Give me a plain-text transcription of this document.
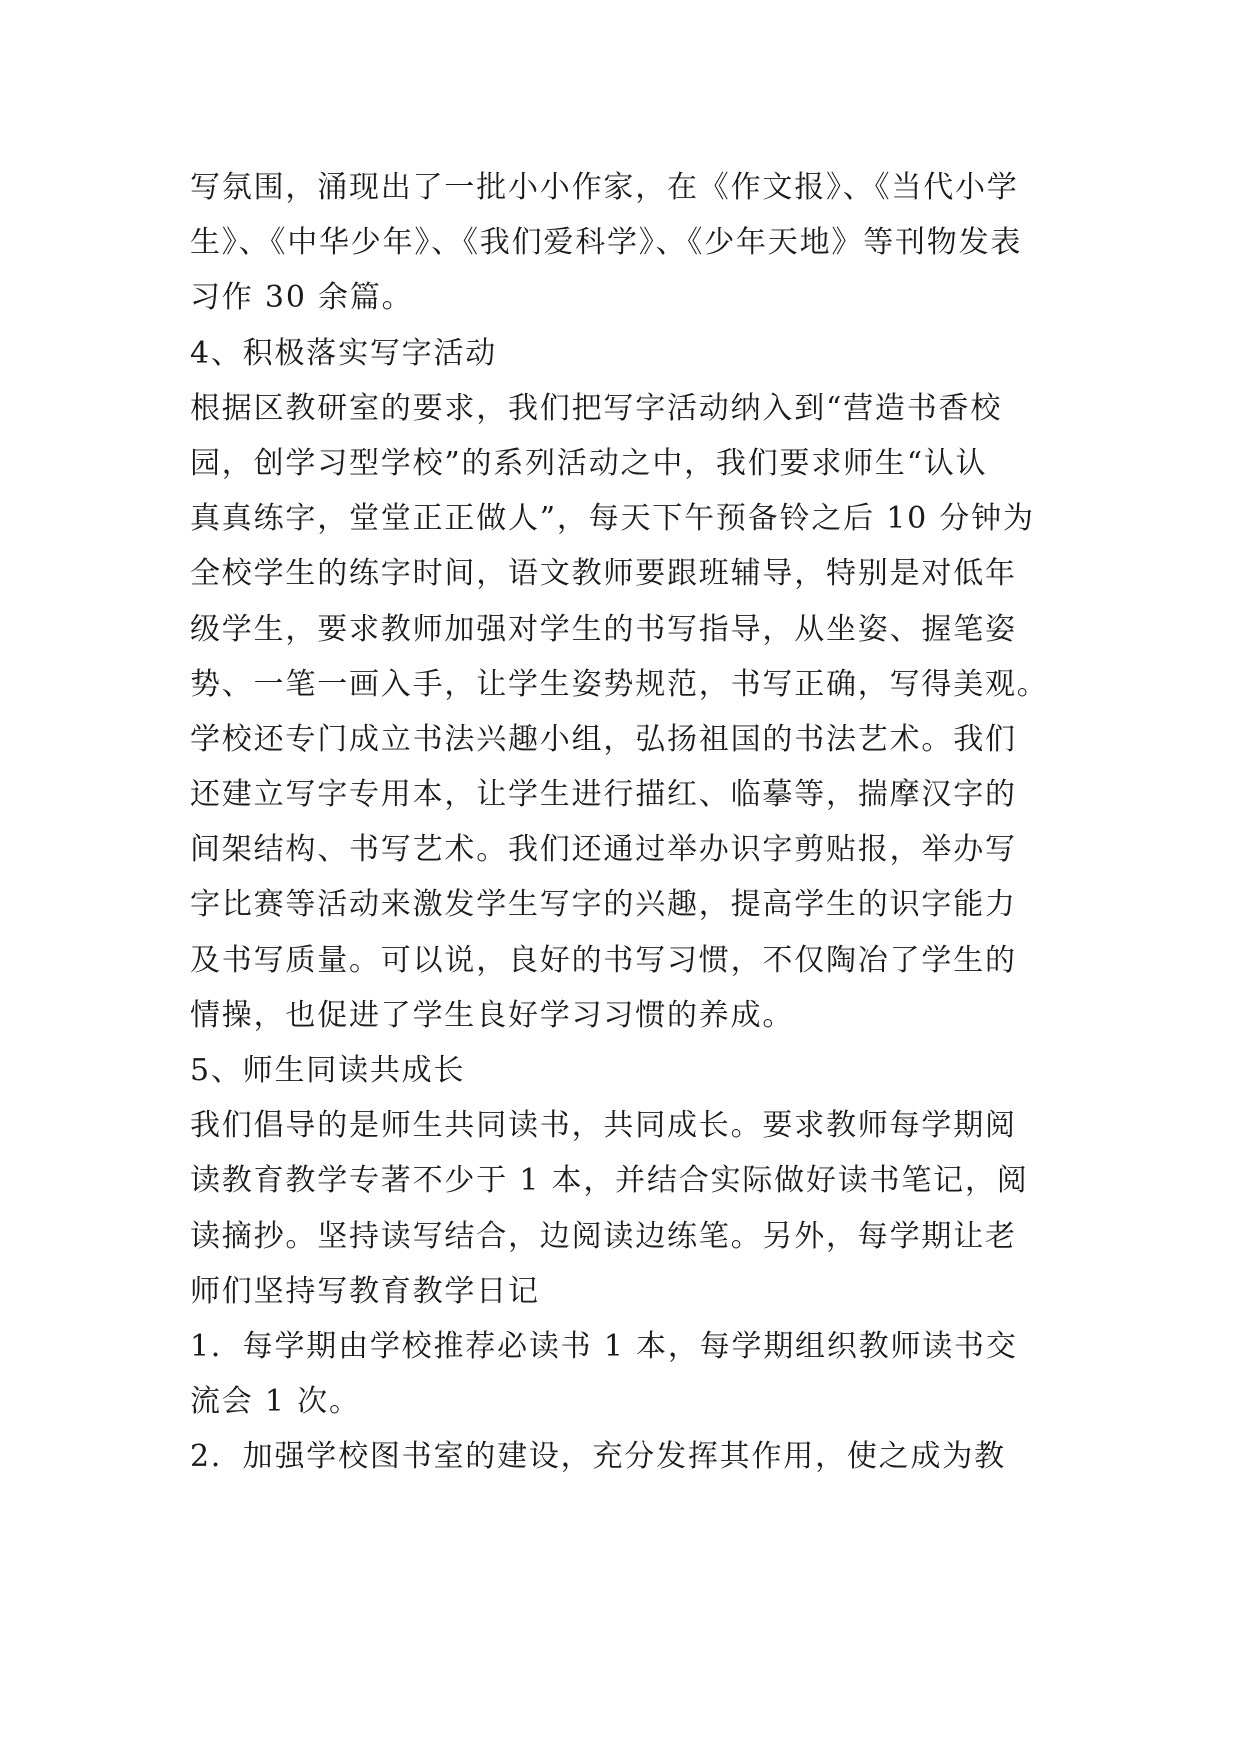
写氛围，涌现出了一批小小作家，在《作文报》、《当代小学
生》、《中华少年》、《我们爱科学》、《少年天地》等刊物发表
习作 30 余篇。
4、积极落实写字活动
根据区教研室的要求，我们把写字活动纳入到“营造书香校
园，创学习型学校”的系列活动之中，我们要求师生“认认
真真练字，堂堂正正做人”，每天下午预备铃之后 10 分钟为
全校学生的练字时间，语文教师要跟班辅导，特别是对低年
级学生，要求教师加强对学生的书写指导，从坐姿、握笔姿
势、一笔一画入手，让学生姿势规范，书写正确，写得美观。
学校还专门成立书法兴趣小组，弘扬祖国的书法艺术。我们
还建立写字专用本，让学生进行描红、临摹等，揣摩汉字的
间架结构、书写艺术。我们还通过举办识字剪贴报，举办写
字比赛等活动来激发学生写字的兴趣，提高学生的识字能力
及书写质量。可以说，良好的书写习惯，不仅陶冶了学生的
情操，也促进了学生良好学习习惯的养成。
5、师生同读共成长
我们倡导的是师生共同读书，共同成长。要求教师每学期阅
读教育教学专著不少于 1 本，并结合实际做好读书笔记，阅
读摘抄。坚持读写结合，边阅读边练笔。另外，每学期让老
师们坚持写教育教学日记
1．每学期由学校推荐必读书 1 本，每学期组织教师读书交
流会 1 次。
2．加强学校图书室的建设，充分发挥其作用，使之成为教
